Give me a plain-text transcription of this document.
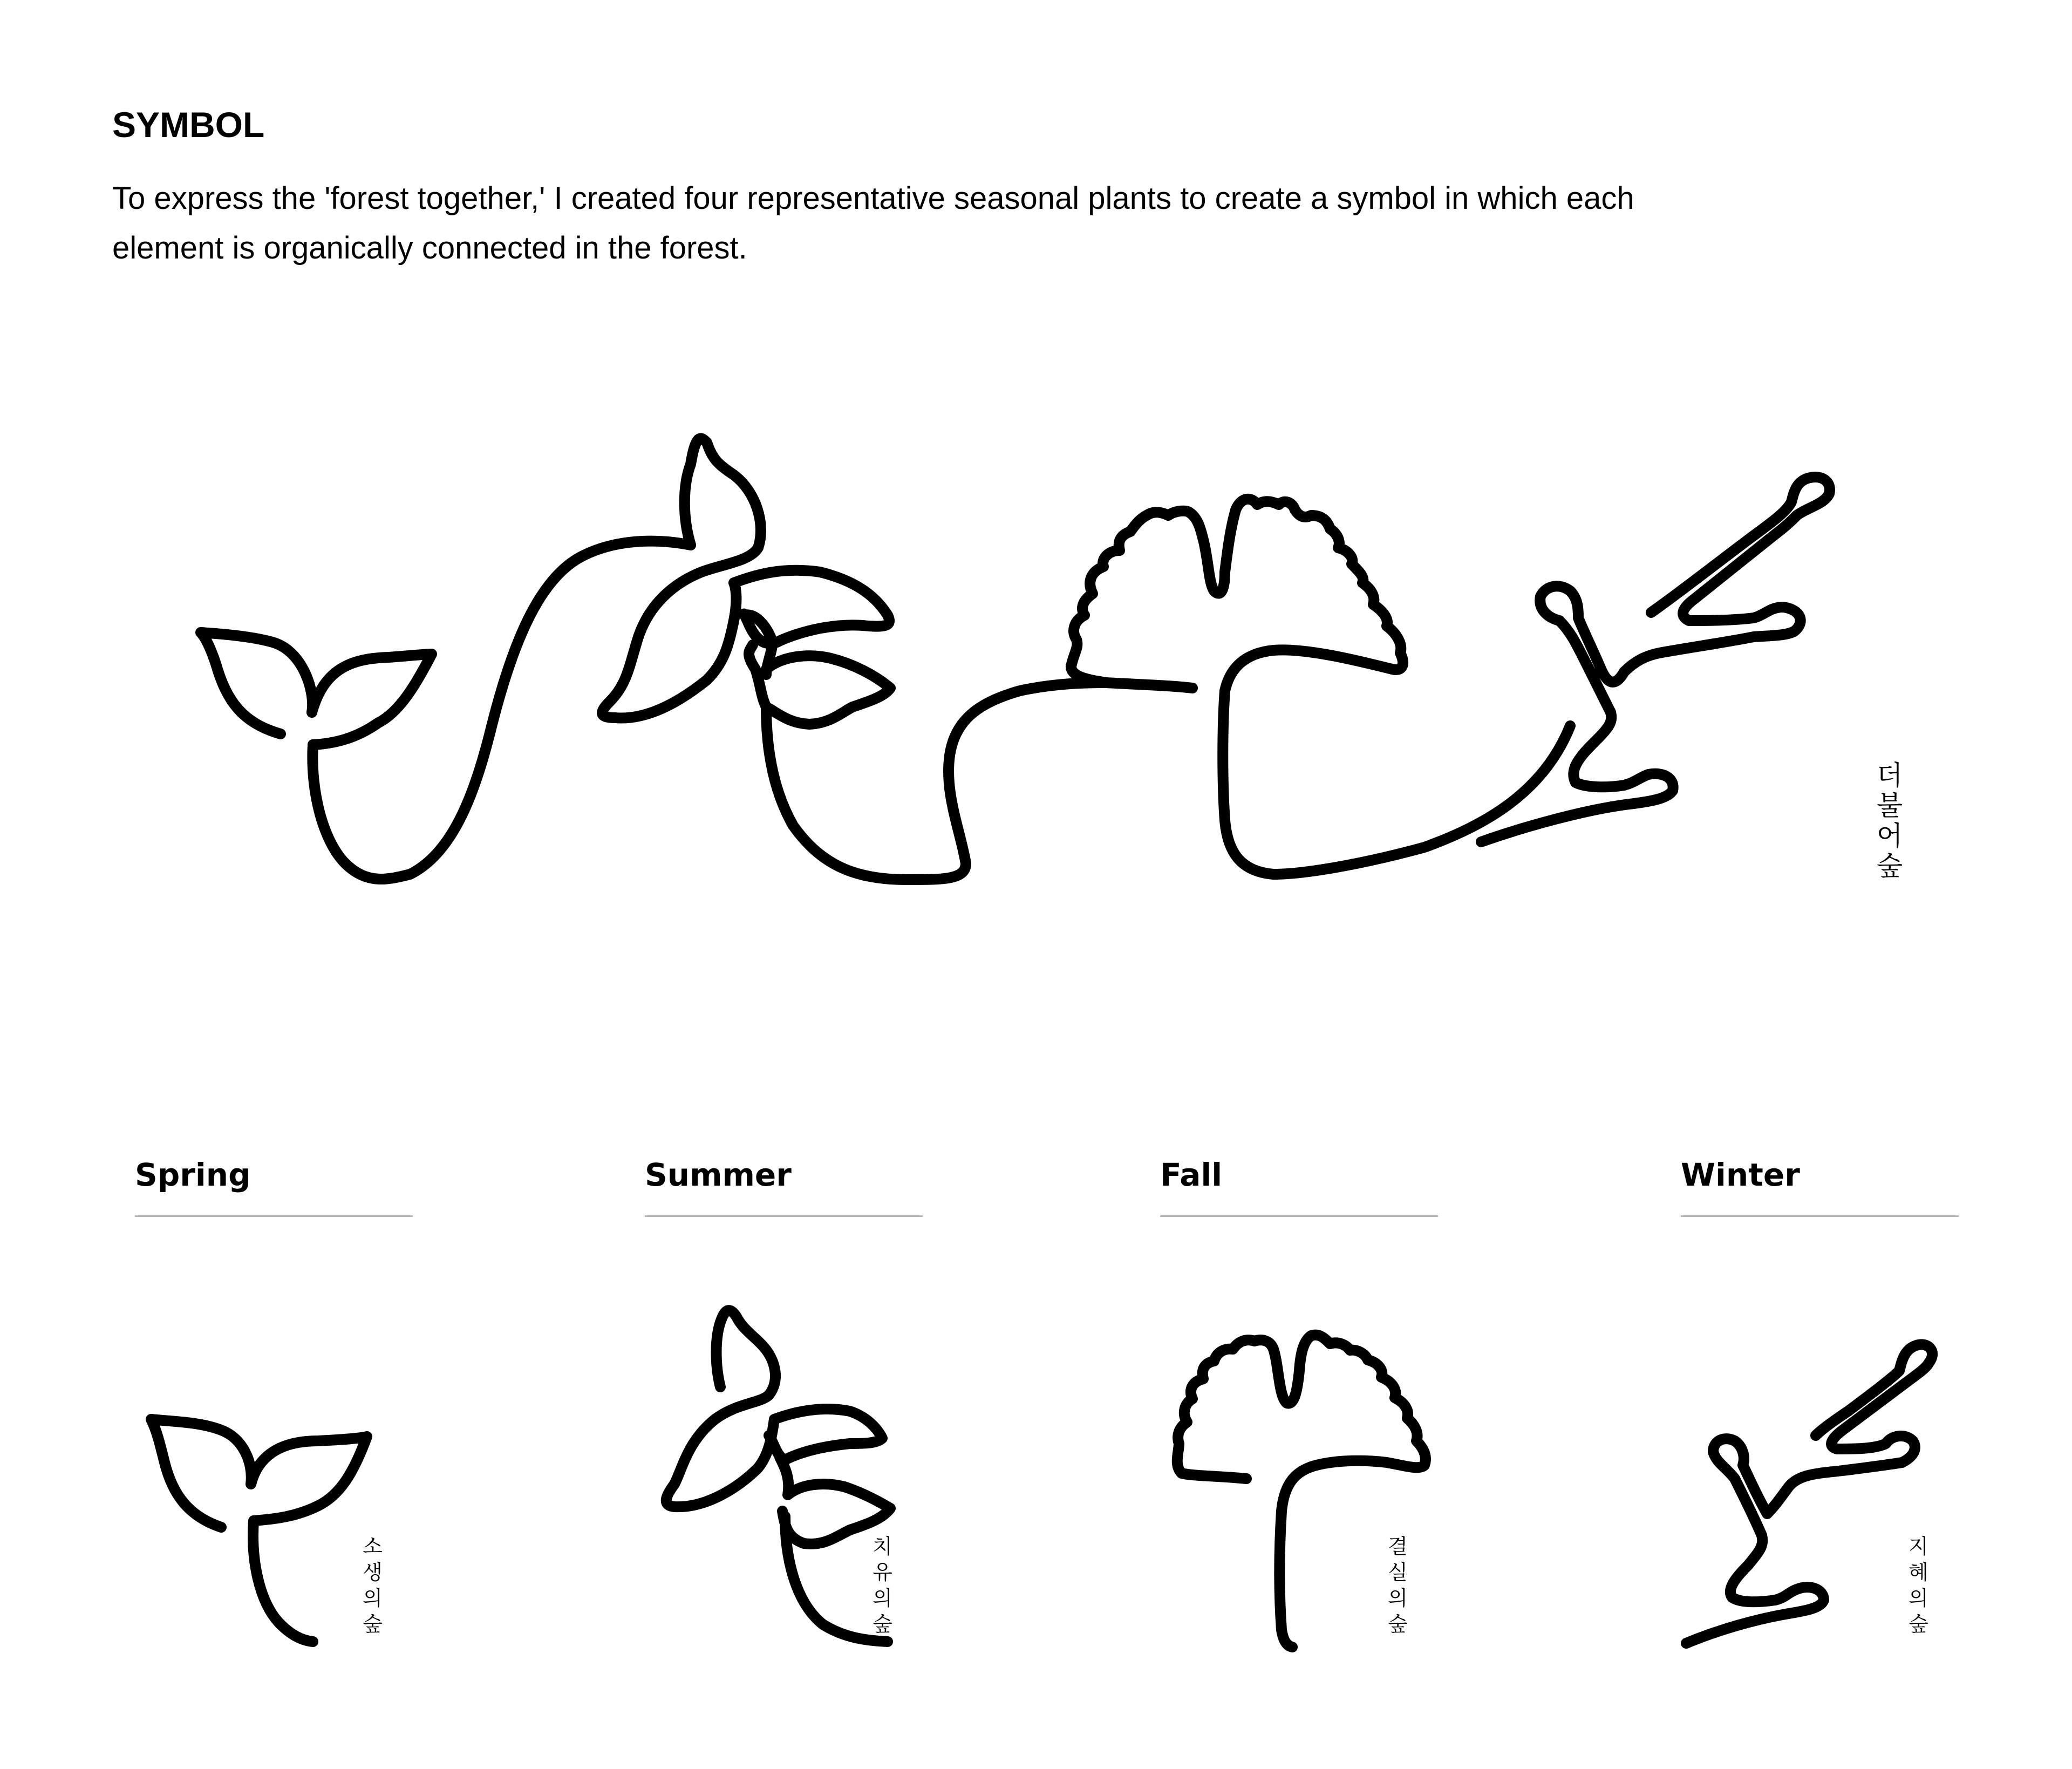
SYMBOL

To express the 'forest together,' I created four representative seasonal plants to create a symbol in which each element is organically connected in the forest.

더불어숲
Spring
소생의숲
Summer
치유의숲
Fall
결실의숲
Winter
지혜의숲
